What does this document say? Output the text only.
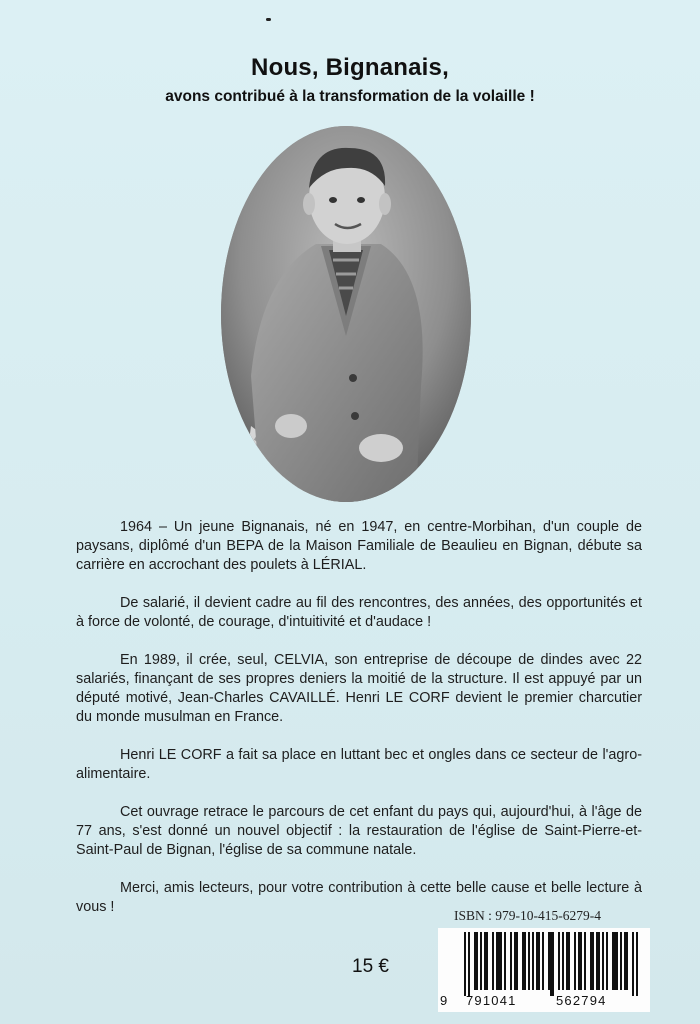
Nous, Bignanais,
avons contribué à la transformation de la volaille !

1964 – Un jeune Bignanais, né en 1947, en centre-Morbihan, d'un couple de paysans, diplômé d'un BEPA de la Maison Familiale de Beaulieu en Bignan, débute sa carrière en accrochant des poulets à LÉRIAL.

De salarié, il devient cadre au fil des rencontres, des années, des opportunités et à force de volonté, de courage, d'intuitivité et d'audace !

En 1989, il crée, seul, CELVIA, son entreprise de découpe de dindes avec 22 salariés, finançant de ses propres deniers la moitié de la structure. Il est appuyé par un député motivé, Jean-Charles CAVAILLÉ. Henri LE CORF devient le premier charcutier du monde musulman en France.

Henri LE CORF a fait sa place en luttant bec et ongles dans ce secteur de l'agro-alimentaire.

Cet ouvrage retrace le parcours de cet enfant du pays qui, aujourd'hui, à l'âge de 77 ans, s'est donné un nouvel objectif : la restauration de l'église de Saint-Pierre-et-Saint-Paul de Bignan, l'église de sa commune natale.

Merci, amis lecteurs, pour votre contribution à cette belle cause et belle lecture à vous !

ISBN : 979-10-415-6279-4
15 €
9 791041	562794
